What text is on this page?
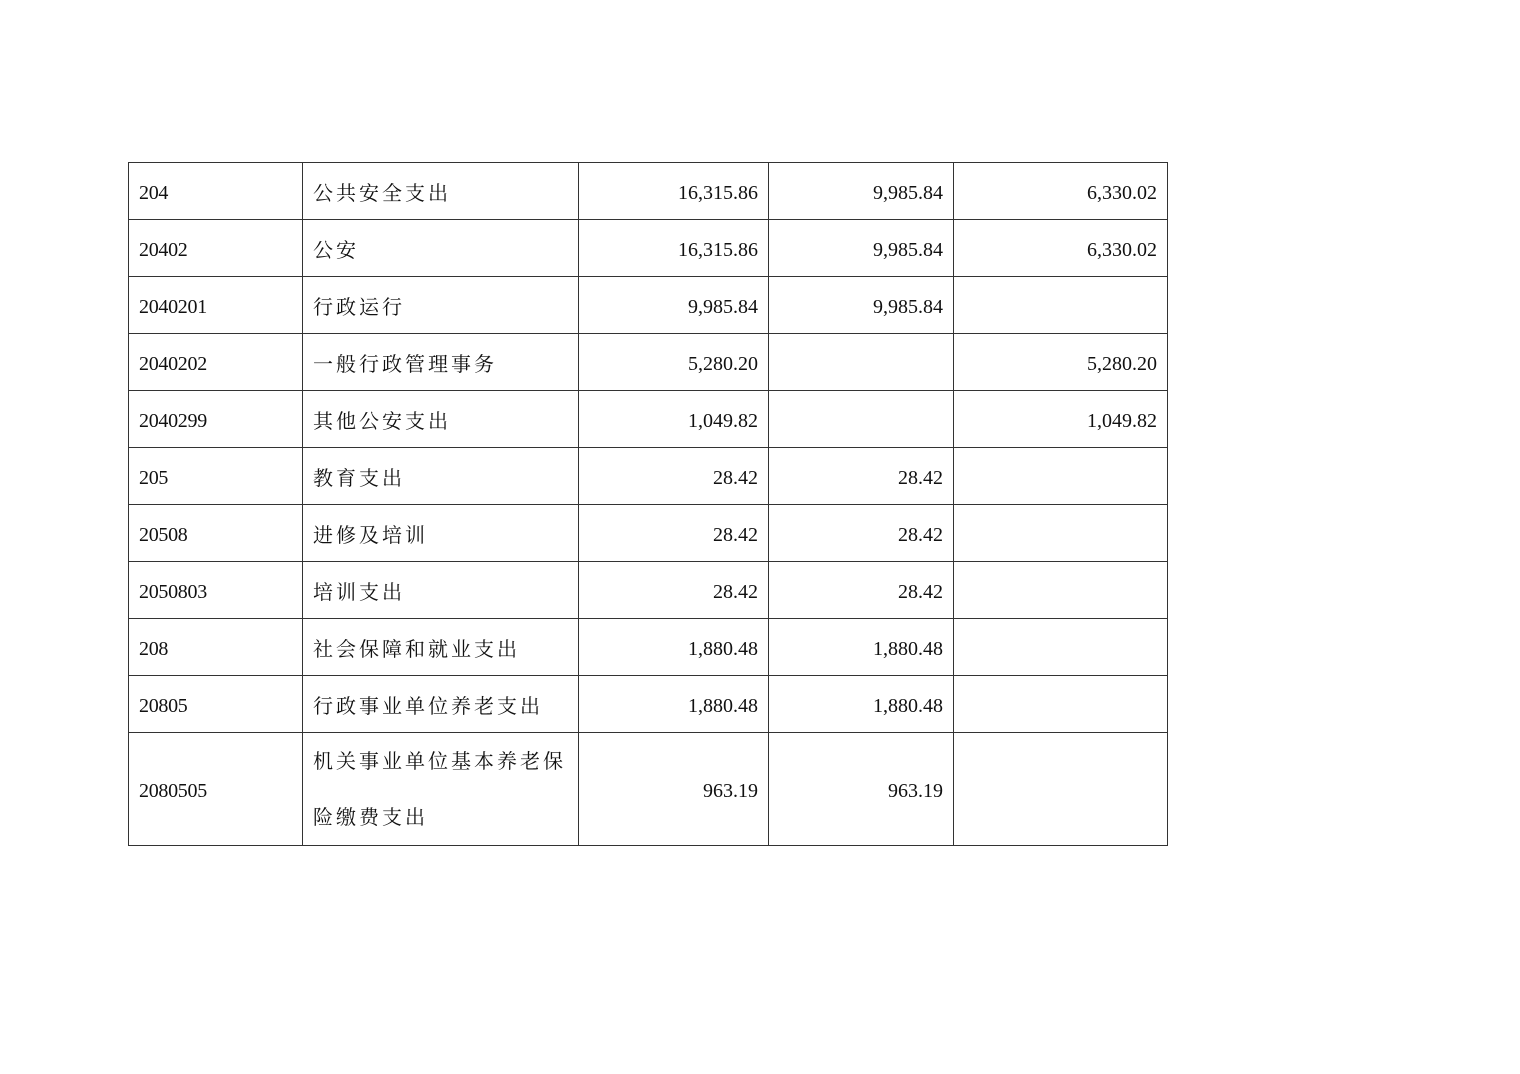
204	公共安全支出	16,315.86	9,985.84	6,330.02
20402	公安	16,315.86	9,985.84	6,330.02
2040201	行政运行	9,985.84	9,985.84	
2040202	一般行政管理事务	5,280.20		5,280.20
2040299	其他公安支出	1,049.82		1,049.82
205	教育支出	28.42	28.42	
20508	进修及培训	28.42	28.42	
2050803	培训支出	28.42	28.42	
208	社会保障和就业支出	1,880.48	1,880.48	
20805	行政事业单位养老支出	1,880.48	1,880.48	
2080505	机关事业单位基本养老保险缴费支出	963.19	963.19	
